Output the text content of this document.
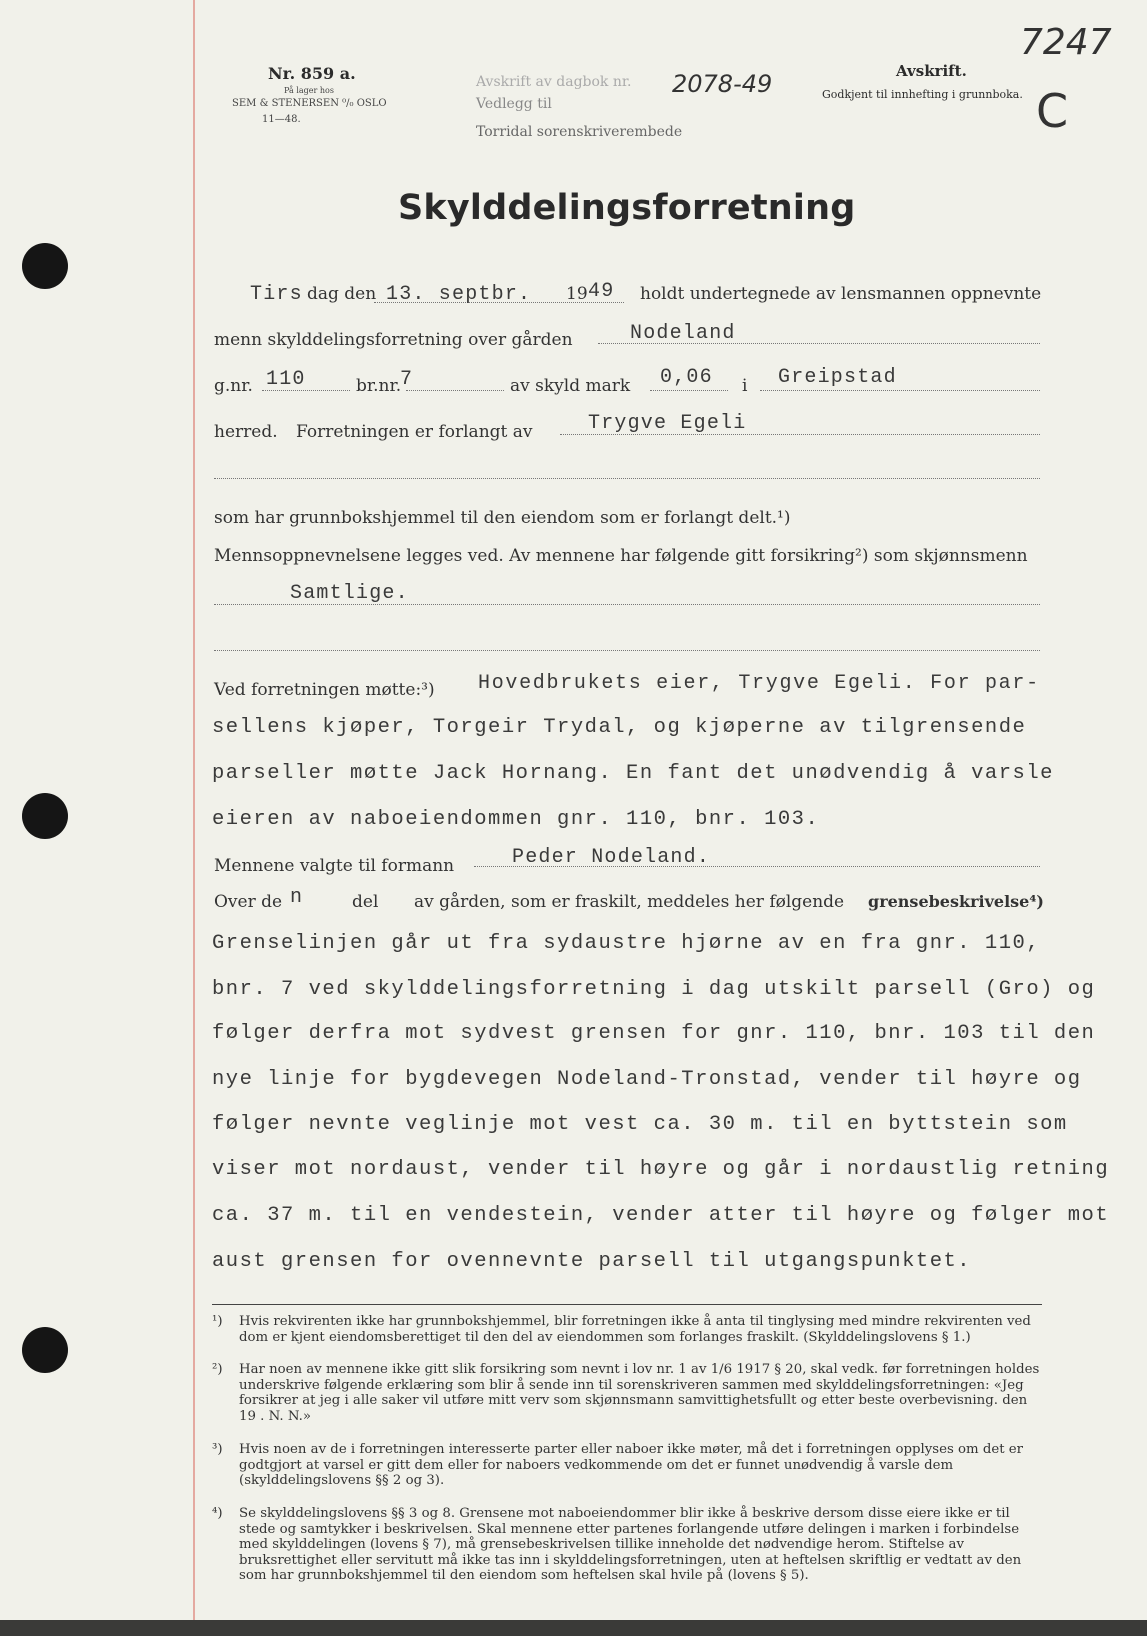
Nr. 859 a.
På lager hos
SEM & STENERSEN ⁰/₀ OSLO
11—48.
Avskrift av dagbok nr.
Vedlegg til
Torridal sorenskriverembede
2078-49	Avskrift.
Godkjent til innhefting i grunnboka.
7247
C
Skylddelingsforretning
Tirs dag den 13. septbr. 19 49 holdt undertegnede av lensmannen oppnevnte
menn skylddelingsforretning over gården	Nodeland
g.nr. 110	br.nr.
7	av skyld mark 0,06 i Greipstad
herred. Forretningen er forlangt av	Trygve Egeli
som har grunnbokshjemmel til den eiendom som er forlangt delt.¹)
Mennsoppnevnelsene legges ved. Av mennene har følgende gitt forsikring²) som skjønnsmenn
Samtlige.
Ved forretningen møtte:³) Hovedbrukets eier, Trygve Egeli. For par-
sellens kjøper, Torgeir Trydal, og kjøperne av tilgrensende
parseller møtte Jack Hornang. En fant det unødvendig å varsle
eieren av naboeiendommen gnr. 110, bnr. 103.
Mennene valgte til formann	Peder Nodeland.
Over de n	del av gården, som er fraskilt, meddeles her følgende grensebeskrivelse⁴)
Grenselinjen går ut fra sydaustre hjørne av en fra gnr. 110,
bnr. 7 ved skylddelingsforretning i dag utskilt parsell (Gro) og
følger derfra mot sydvest grensen for gnr. 110, bnr. 103 til den
nye linje for bygdevegen Nodeland-Tronstad, vender til høyre og
følger nevnte veglinje mot vest ca. 30 m. til en byttstein som
viser mot nordaust, vender til høyre og går i nordaustlig retning
ca. 37 m. til en vendestein, vender atter til høyre og følger mot
aust grensen for ovennevnte parsell til utgangspunktet.
¹) Hvis rekvirenten ikke har grunnbokshjemmel, blir forretningen ikke å anta til tinglysing med mindre rekvirenten ved dom er kjent eiendomsberettiget til den del av eiendommen som forlanges fraskilt. (Skylddelingslovens § 1.)
²) Har noen av mennene ikke gitt slik forsikring som nevnt i lov nr. 1 av 1/6 1917 § 20, skal vedk. før forretningen holdes underskrive følgende erklæring som blir å sende inn til sorenskriveren sammen med skylddelingsforretningen: «Jeg forsikrer at jeg i alle saker vil utføre mitt verv som skjønnsmann samvittighetsfullt og etter beste overbevisning. den 19 . N. N.»
³) Hvis noen av de i forretningen interesserte parter eller naboer ikke møter, må det i forretningen opplyses om det er godtgjort at varsel er gitt dem eller for naboers vedkommende om det er funnet unødvendig å varsle dem (skylddelingslovens §§ 2 og 3).
⁴) Se skylddelingslovens §§ 3 og 8. Grensene mot naboeiendommer blir ikke å beskrive dersom disse eiere ikke er til stede og samtykker i beskrivelsen. Skal mennene etter partenes forlangende utføre delingen i marken i forbindelse med skylddelingen (lovens § 7), må grensebeskrivelsen tillike inneholde det nødvendige herom. Stiftelse av bruksrettighet eller servitutt må ikke tas inn i skylddelingsforretningen, uten at heftelsen skriftlig er vedtatt av den som har grunnbokshjemmel til den eiendom som heftelsen skal hvile på (lovens § 5).
